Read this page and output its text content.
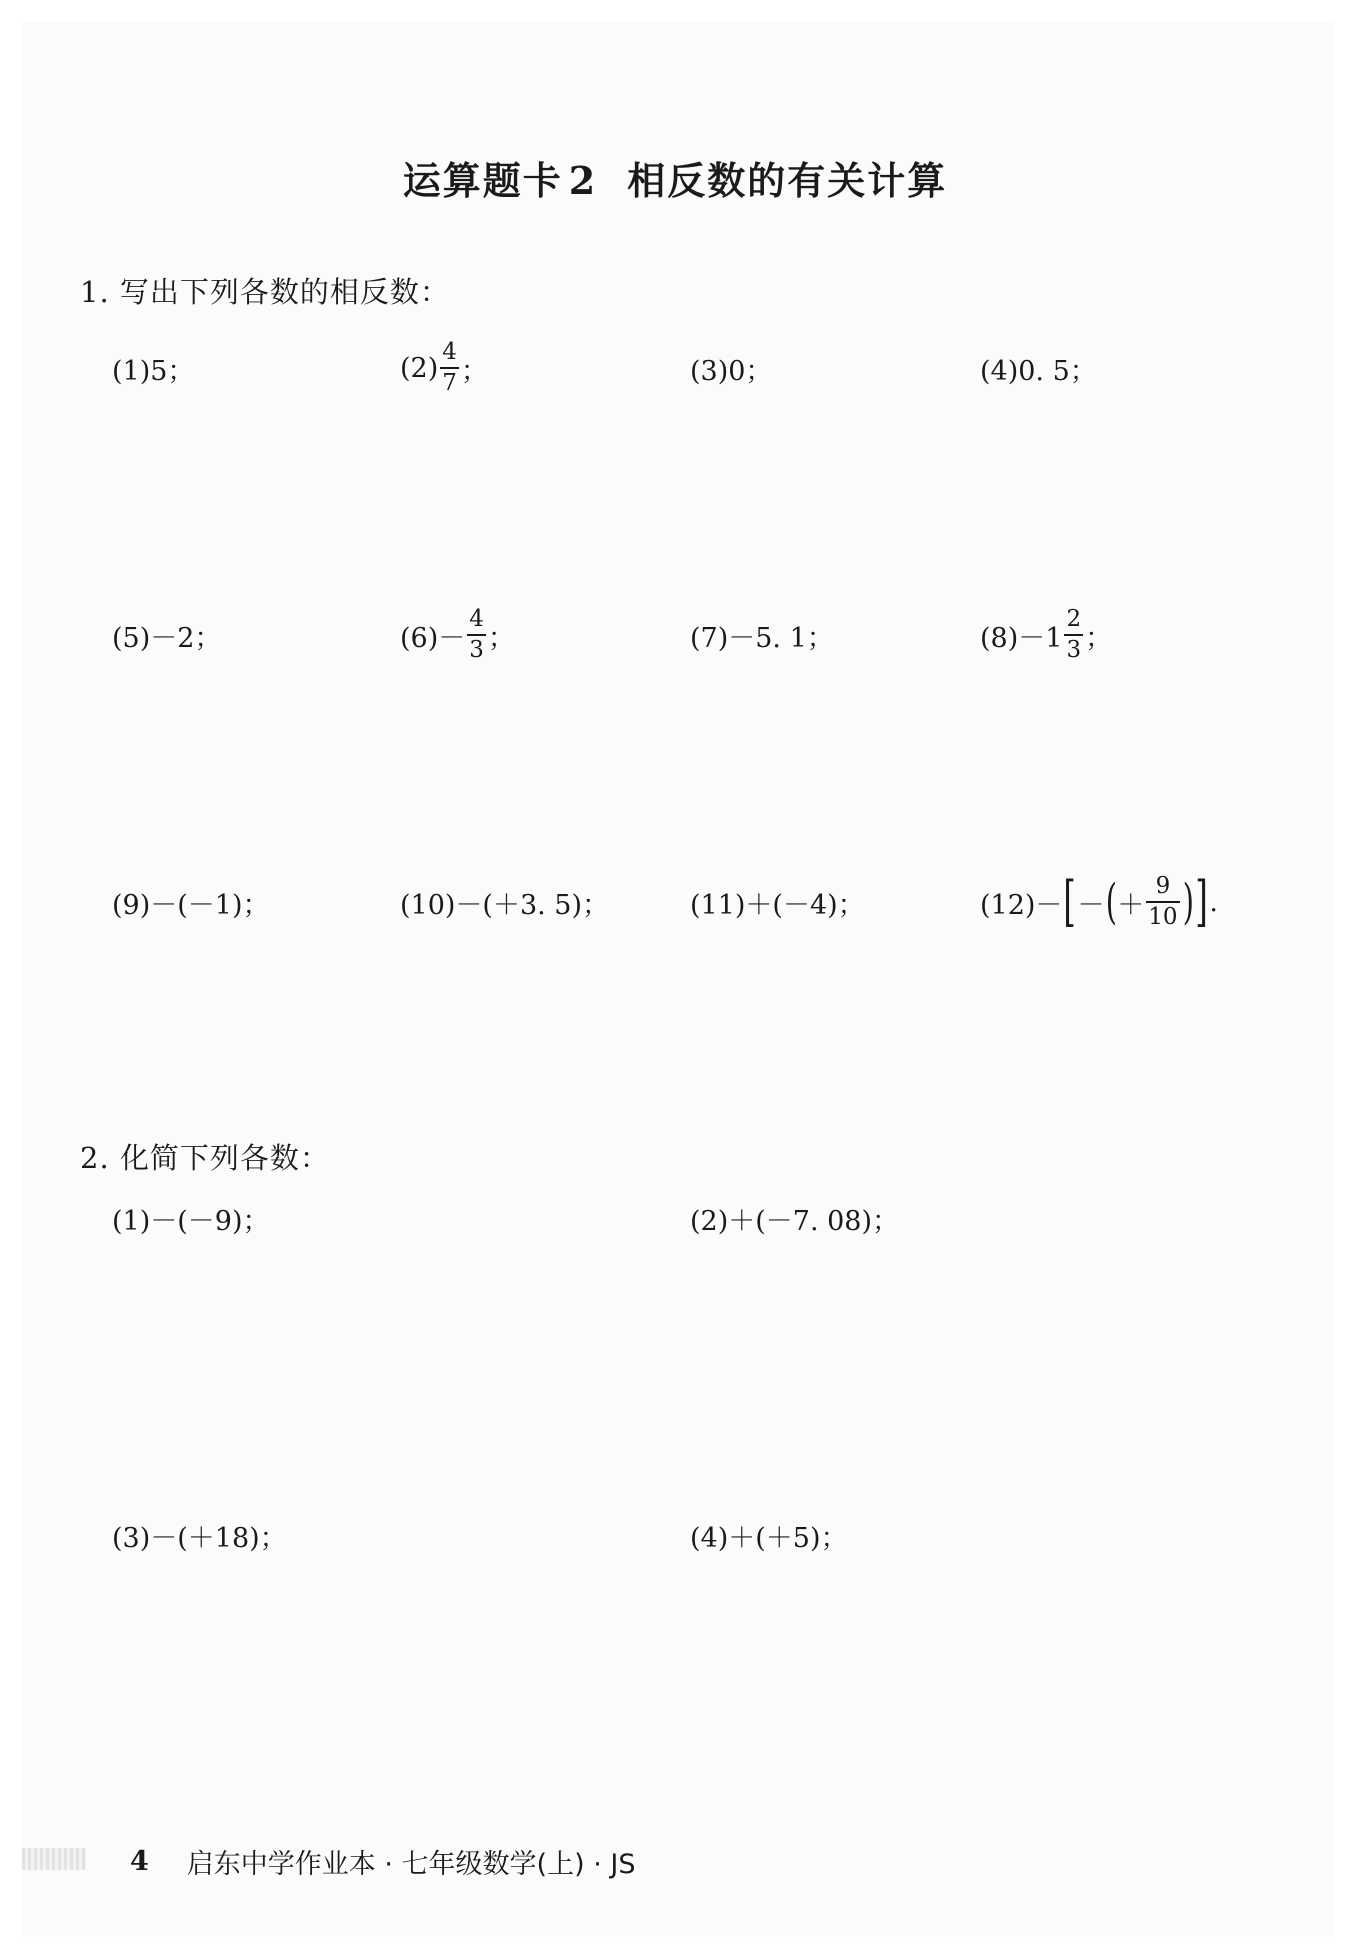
运算题卡 2 相反数的有关计算
1. 写出下列各数的相反数：
(1)5；	$(2) \frac{4}{7}$ ；	(3)0；	(4)0. 5；
(5)－2；	$(6)- \frac{4}{3}$ ；	(7)－5. 1；	$(8)-1 \frac{2}{3}$ ；
(9)－(－1)；	(10)－(＋3. 5)；	(11)＋(－4)；	(12)－ [ － ( ＋ $\frac{9}{10}$ ) ] .
2. 化简下列各数：
(1)－(－9)；	(2)＋(－7. 08)；
(3)－(＋18)；	(4)＋(＋5)；
4 启东中学作业本 · 七年级数学(上) · JS
